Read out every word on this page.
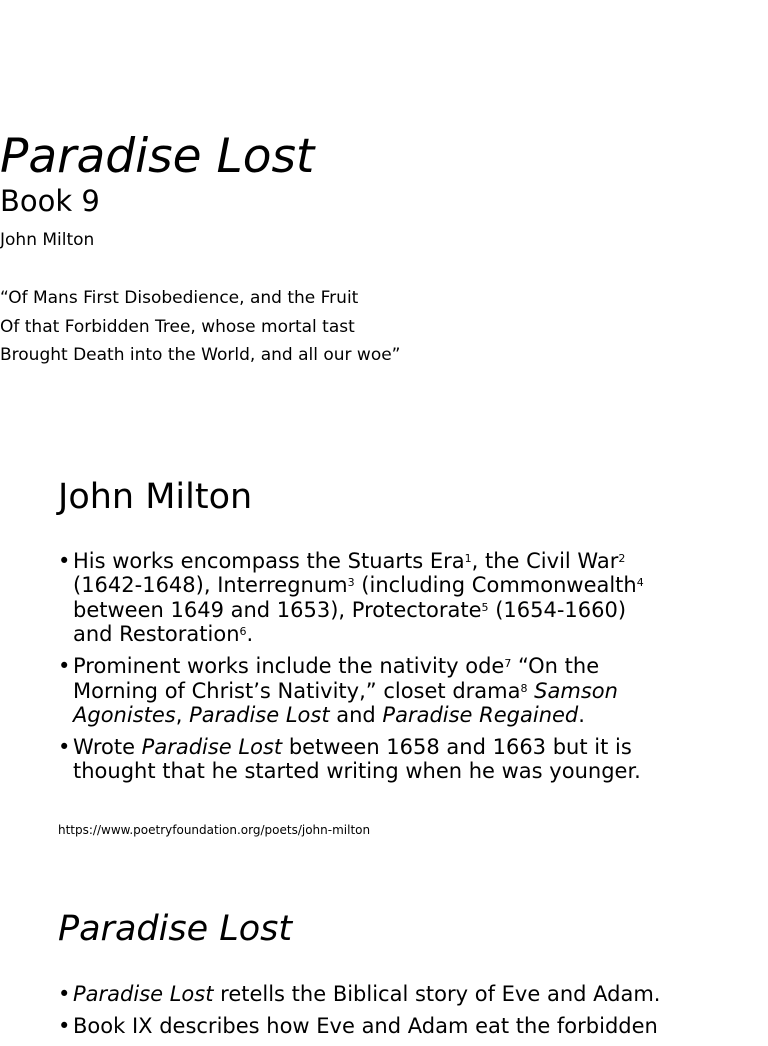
Paradise Lost
Book 9
John Milton
“Of Mans First Disobedience, and the Fruit
Of that Forbidden Tree, whose mortal tast
Brought Death into the World, and all our woe”
John Milton
• His works encompass the Stuarts Era$^1$, the Civil War$^2$
(1642-1648), Interregnum$^3$ (including Commonwealth$^4$
between 1649 and 1653), Protectorate$^5$ (1654-1660)
and Restoration$^6$.
• Prominent works include the nativity ode$^7$ “On the
Morning of Christ’s Nativity,” closet drama$^8$ Samson
Agonistes, Paradise Lost and Paradise Regained.
• Wrote Paradise Lost between 1658 and 1663 but it is
thought that he started writing when he was younger.
https://www.poetryfoundation.org/poets/john-milton
Paradise Lost
• Paradise Lost retells the Biblical story of Eve and Adam.
• Book IX describes how Eve and Adam eat the forbidden
